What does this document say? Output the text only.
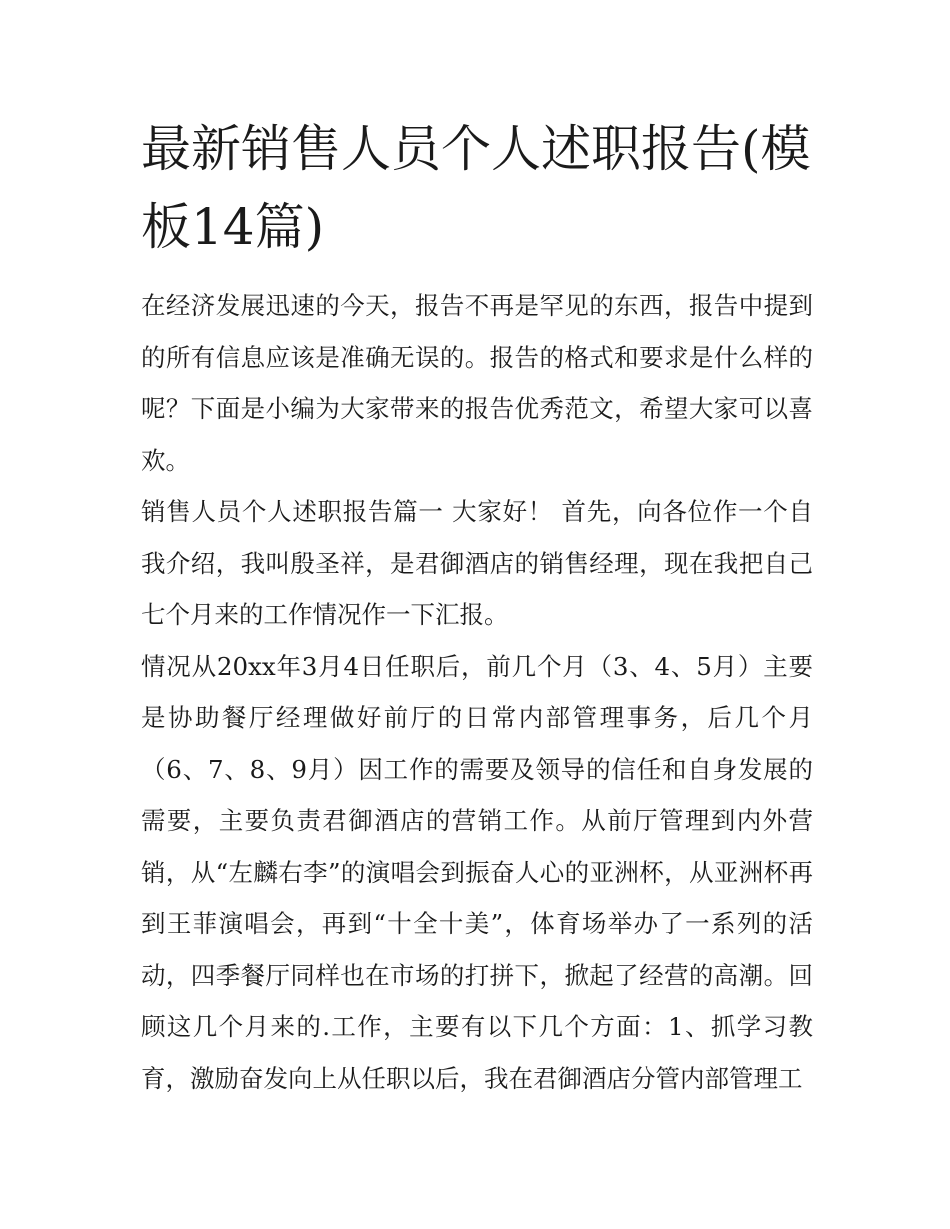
最新销售人员个人述职报告(模板14篇)

在经济发展迅速的今天，报告不再是罕见的东西，报告中提到的所有信息应该是准确无误的。报告的格式和要求是什么样的呢？下面是小编为大家带来的报告优秀范文，希望大家可以喜欢。

销售人员个人述职报告篇一 大家好！ 首先，向各位作一个自我介绍，我叫殷圣祥，是君御酒店的销售经理，现在我把自己七个月来的工作情况作一下汇报。

情况从20xx年3月4日任职后，前几个月（3、4、5月）主要是协助餐厅经理做好前厅的日常内部管理事务，后几个月（6、7、8、9月）因工作的需要及领导的信任和自身发展的需要，主要负责君御酒店的营销工作。从前厅管理到内外营销，从“左麟右李”的演唱会到振奋人心的亚洲杯，从亚洲杯再到王菲演唱会，再到“十全十美”，体育场举办了一系列的活动，四季餐厅同样也在市场的打拼下，掀起了经营的高潮。回顾这几个月来的.工作，主要有以下几个方面：1、抓学习教育，激励奋发向上从任职以后，我在君御酒店分管内部管理工
